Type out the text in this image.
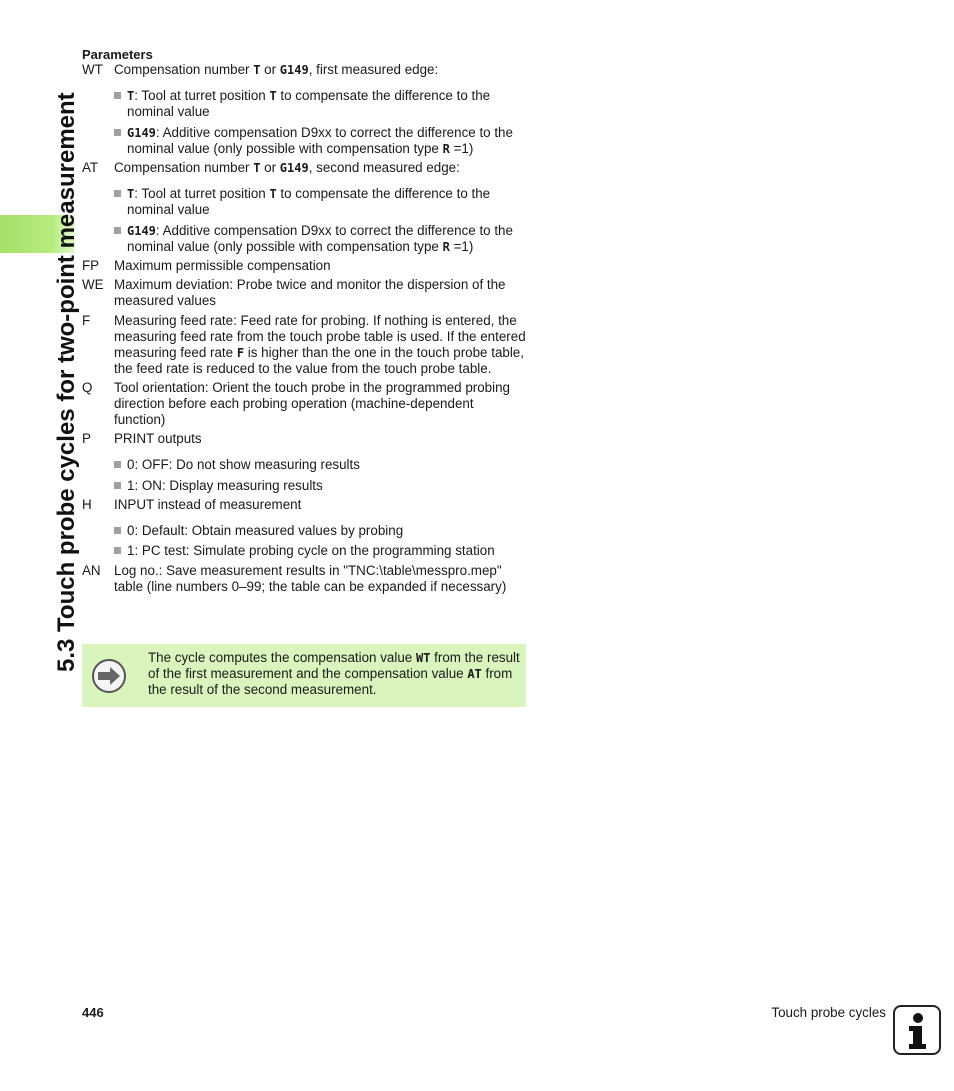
5.3 Touch probe cycles for two-point measurement
Parameters
WT Compensation number T or G149, first measured edge:
T: Tool at turret position T to compensate the difference to the nominal value
G149: Additive compensation D9xx to correct the difference to the nominal value (only possible with compensation type R =1)
AT	Compensation number T or G149, second measured edge:
T: Tool at turret position T to compensate the difference to the nominal value
G149: Additive compensation D9xx to correct the difference to the nominal value (only possible with compensation type R =1)
FP	Maximum permissible compensation
WE Maximum deviation: Probe twice and monitor the dispersion of the measured values
F	Measuring feed rate: Feed rate for probing. If nothing is entered, the measuring feed rate from the touch probe table is used. If the entered measuring feed rate F is higher than the one in the touch probe table, the feed rate is reduced to the value from the touch probe table.
Q	Tool orientation: Orient the touch probe in the programmed probing direction before each probing operation (machine-dependent function)
P	PRINT outputs
0: OFF: Do not show measuring results
1: ON: Display measuring results
H	INPUT instead of measurement
0: Default: Obtain measured values by probing
1: PC test: Simulate probing cycle on the programming station
AN Log no.: Save measurement results in "TNC:\table\messpro.mep" table (line numbers 0–99; the table can be expanded if necessary)
The cycle computes the compensation value WT from the result of the first measurement and the compensation value AT from the result of the second measurement.
446	Touch probe cycles
